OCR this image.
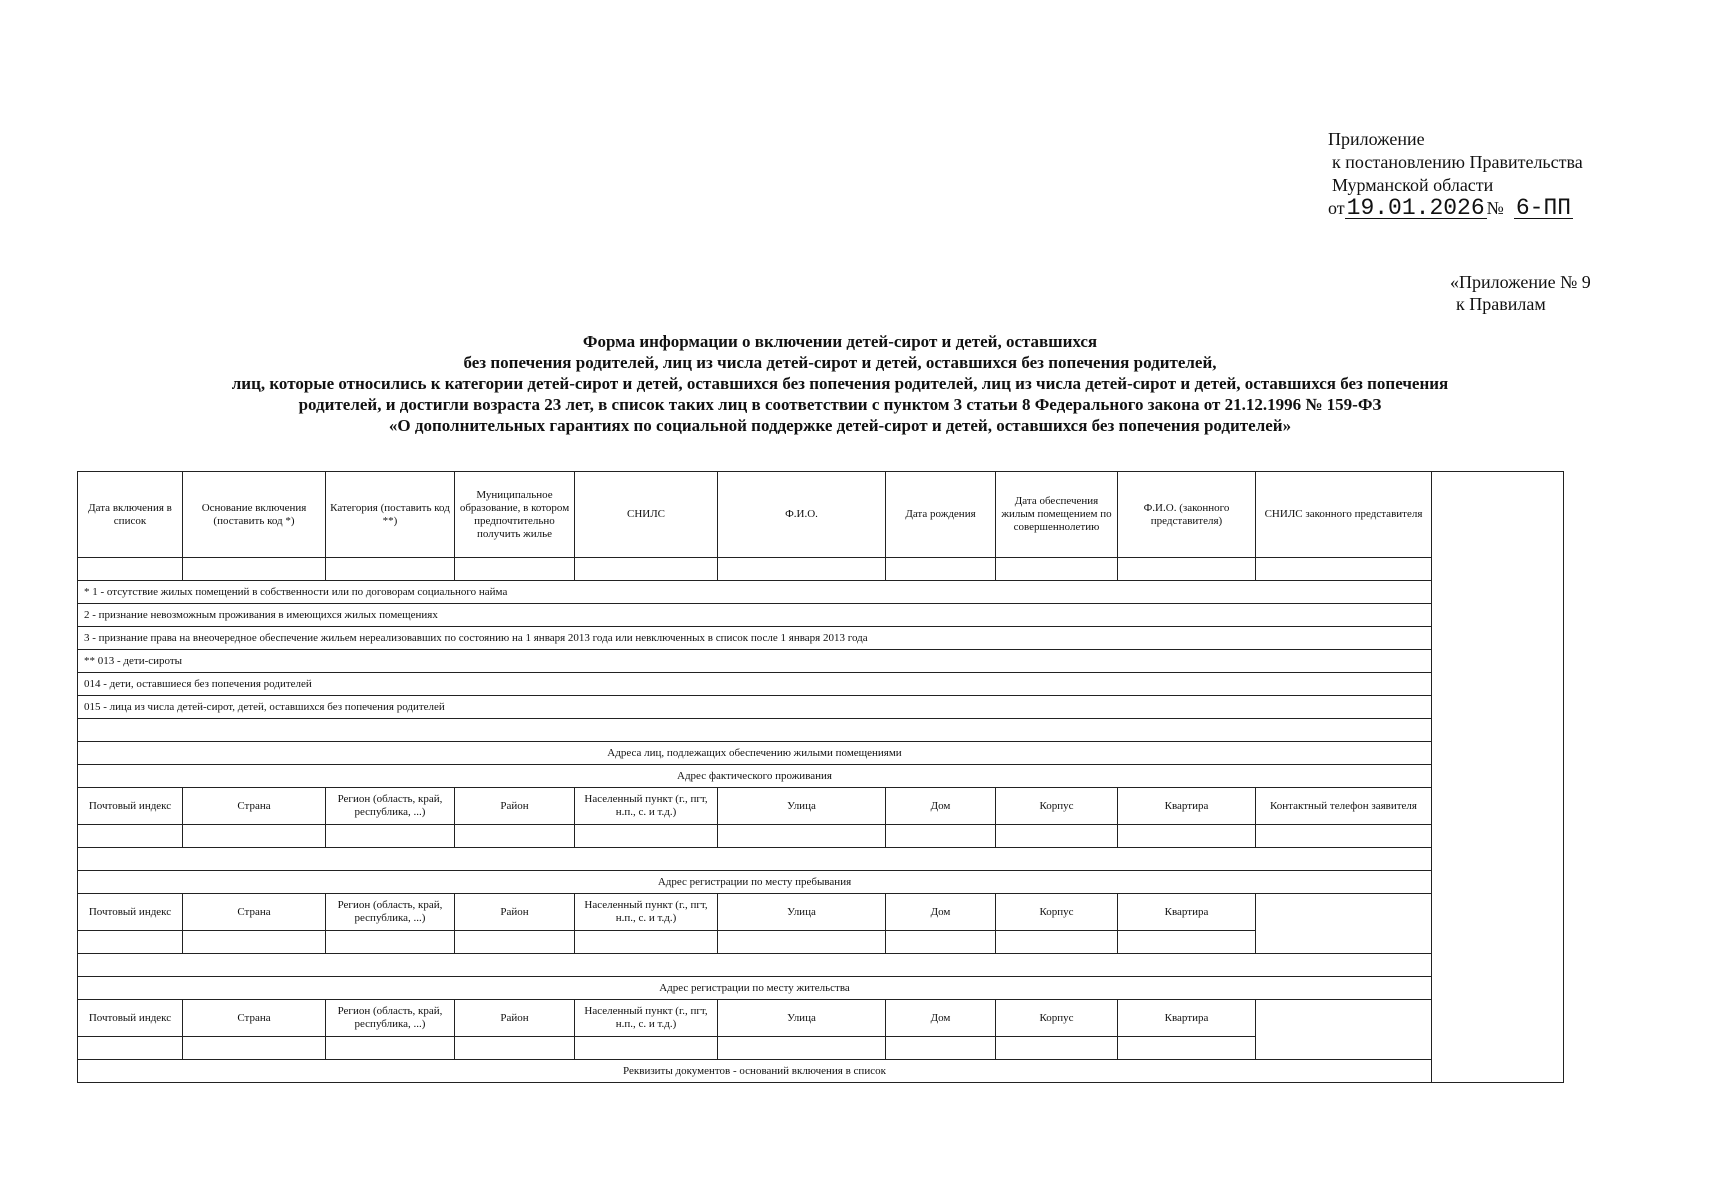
Приложение
к постановлению Правительства
Мурманской области
от 19.01.2026 № 6-ПП
«Приложение № 9
к Правилам
Форма информации о включении детей-сирот и детей, оставшихся
без попечения родителей, лиц из числа детей-сирот и детей, оставшихся без попечения родителей,
лиц, которые относились к категории детей-сирот и детей, оставшихся без попечения родителей, лиц из числа детей-сирот и детей, оставшихся без попечения
родителей, и достигли возраста 23 лет, в список таких лиц в соответствии с пунктом 3 статьи 8 Федерального закона от 21.12.1996 № 159-ФЗ
«О дополнительных гарантиях по социальной поддержке детей-сирот и детей, оставшихся без попечения родителей»
Дата включения в список	Основание включения (поставить код *)	Категория (поставить код **)	Муниципальное образование, в котором предпочтительно получить жилье	СНИЛС	Ф.И.О.	Дата рождения	Дата обеспечения жилым помещением по совершеннолетию	Ф.И.О. (законного представителя)	СНИЛС законного представителя	

* 1 - отсутствие жилых помещений в собственности или по договорам социального найма										
2 - признание невозможным проживания в имеющихся жилых помещениях										
3 - признание права на внеочередное обеспечение жильем нереализовавших по состоянию на 1 января 2013 года или невключенных в список после 1 января 2013 года										
** 013 - дети-сироты										
014 - дети, оставшиеся без попечения родителей										
015 - лица из числа детей-сирот, детей, оставшихся без попечения родителей										

Адреса лиц, подлежащих обеспечению жилыми помещениями										
Адрес фактического проживания										
Почтовый индекс	Страна	Регион (область, край, республика, ...)	Район	Населенный пункт (г., пгт, н.п., с. и т.д.)	Улица	Дом	Корпус	Квартира	Контактный телефон заявителя	

Адрес регистрации по месту пребывания										
Почтовый индекс	Страна	Регион (область, край, республика, ...)	Район	Населенный пункт (г., пгт, н.п., с. и т.д.)	Улица	Дом	Корпус	Квартира		

Адрес регистрации по месту жительства										
Почтовый индекс	Страна	Регион (область, край, республика, ...)	Район	Населенный пункт (г., пгт, н.п., с. и т.д.)	Улица	Дом	Корпус	Квартира		

Реквизиты документов - оснований включения в список										
